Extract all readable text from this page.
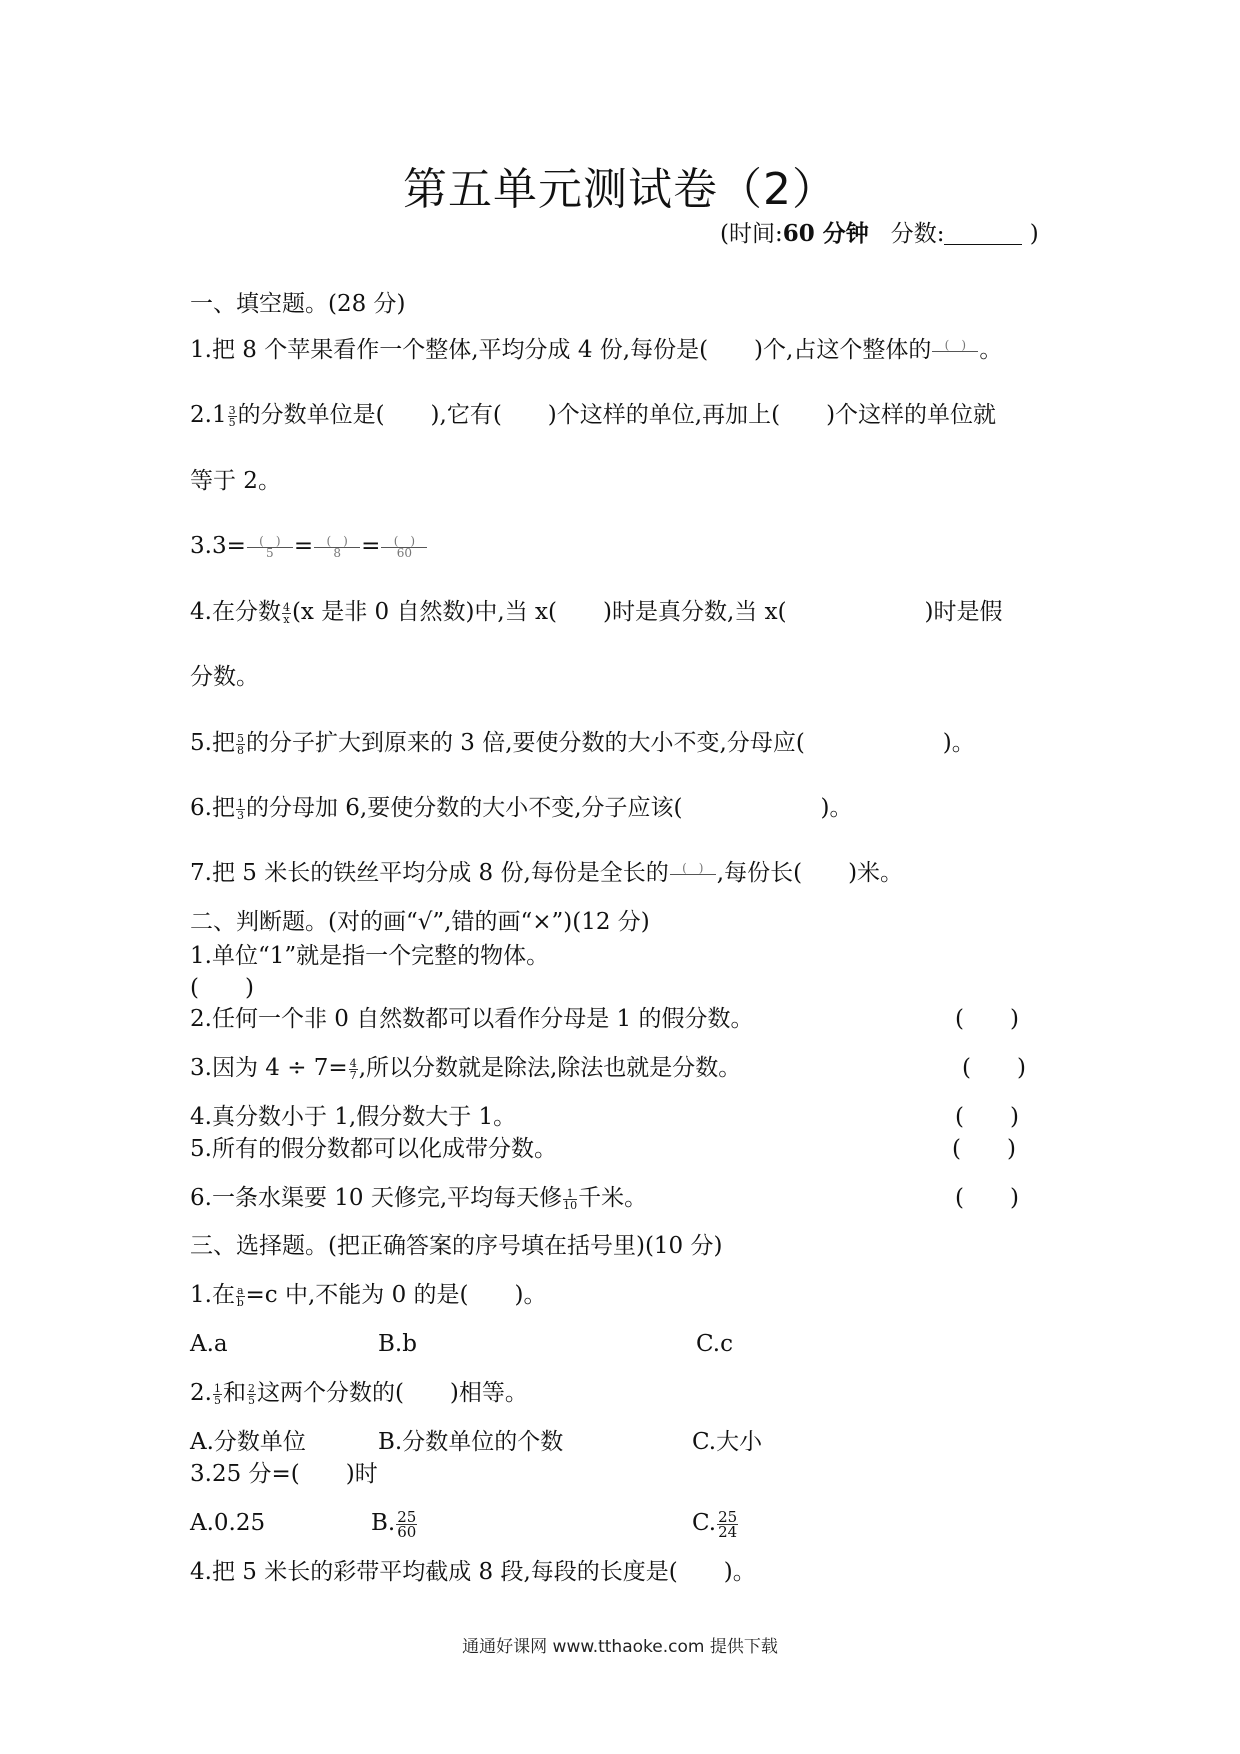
第五单元测试卷（2）
(时间:60 分钟 分数:	)
一、填空题。(28 分)
1.把 8 个苹果看作一个整体,平均分成 4 份,每份是(　　)个,占这个整体的	(　)
。
$2.1 \frac{3}{5}$ 的分数单位是(　　),它有(　　)个这样的单位,再加上(　　)个这样的单位就
等于 2。
3.3=	(　)
5 =	(　)
8 =	(　)
60
4.在分数 $\frac{4}{x} (x$ 是非 0 自然数)中,当 x(　　)时是真分数,当 x(　　　　　　)时是假
分数。
5.把 $\frac{5}{8}$ 的分子扩大到原来的 3 倍,要使分数的大小不变,分母应(　　　　　　)。
6.把 $\frac{1}{3}$ 的分母加 6,要使分数的大小不变,分子应该(　　　　　　)。
7.把 5 米长的铁丝平均分成 8 份,每份是全长的	(　)
,每份长(　　)米。
二、判断题。(对的画“√”,错的画“×”)(12 分)
1.单位“1”就是指一个完整的物体。
(　　)
2.任何一个非 0 自然数都可以看作分母是 1 的假分数。	(　　)
3.因为 $4 \div 7= \frac{4}{7}$ ,所以分数就是除法,除法也就是分数。	(　　)
4.真分数小于 1,假分数大于 1。	(　　)
5.所有的假分数都可以化成带分数。	(　　)
6.一条水渠要 10 天修完,平均每天修 $\frac{1}{10}$ 千米。	(　　)
三、选择题。(把正确答案的序号填在括号里)(10 分)
1.在 $\frac{a}{b} =c$ 中,不能为 0 的是(　　)。
A.a	B.b	C.c
2. $\frac{1}{5}$ 和 $\frac{2}{5}$ 这两个分数的(　　)相等。
A.分数单位	B.分数单位的个数	C.大小
3.25 分=(　　)时
A.0.25	B. $\frac{25}{60}$	C. $\frac{25}{24}$
4.把 5 米长的彩带平均截成 8 段,每段的长度是(　　)。
通通好课网 www.tthaoke.com 提供下载
